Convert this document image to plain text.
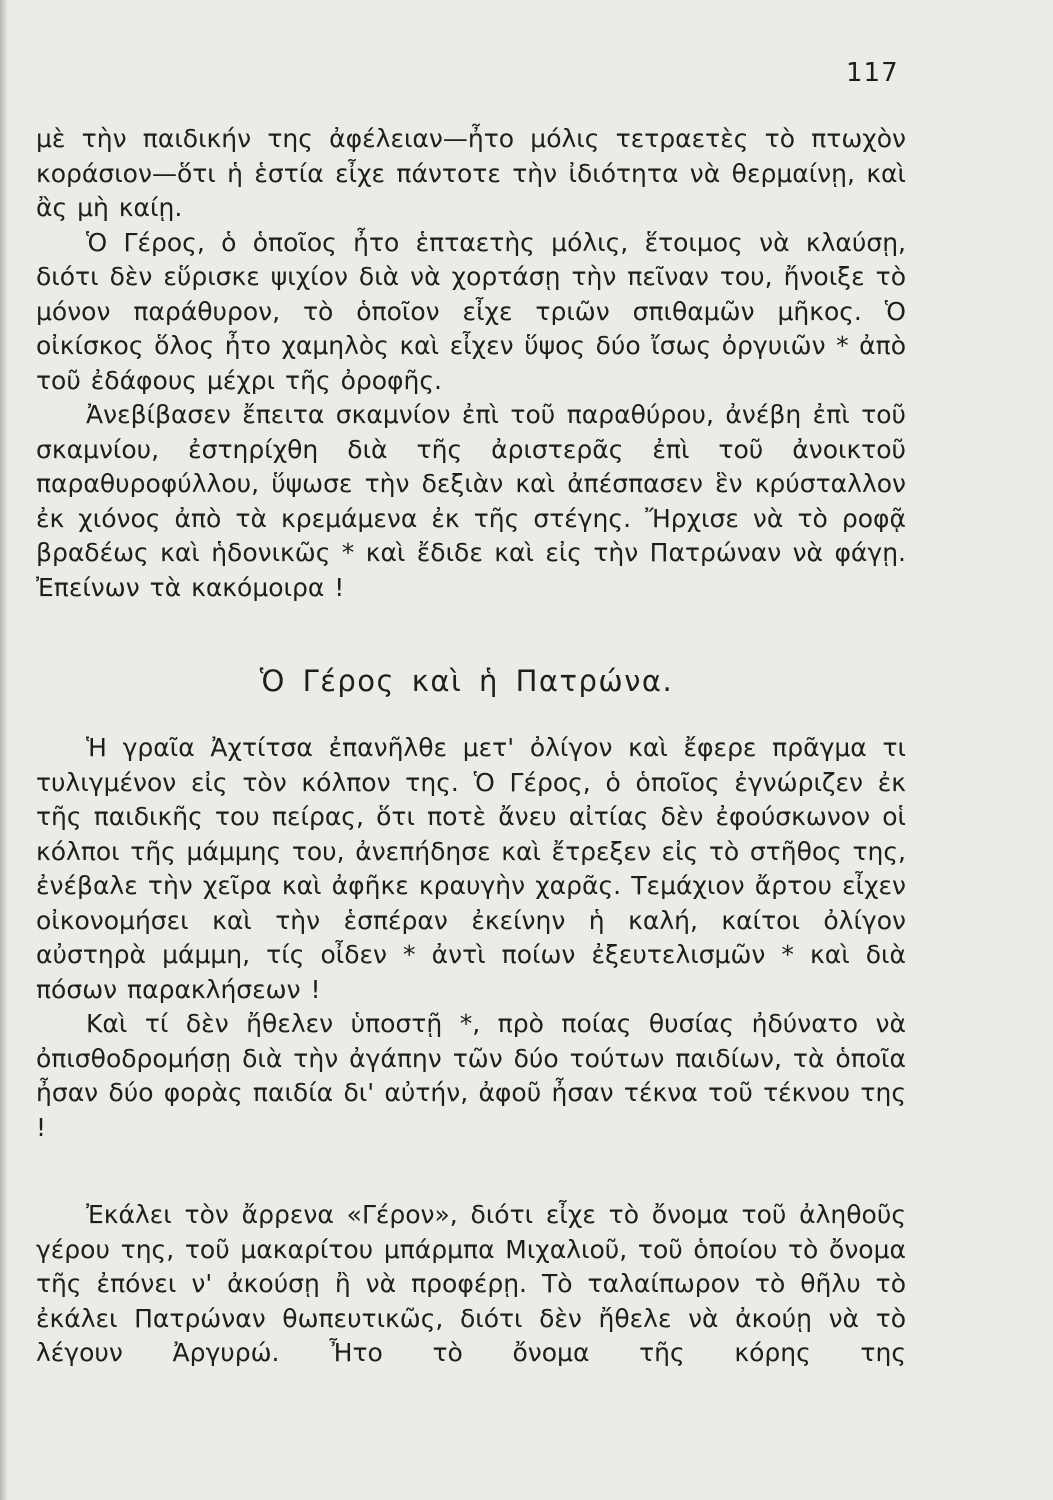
117

μὲ τὴν παιδικήν της ἀφέλειαν—ἦτο μόλις τετραετὲς τὸ πτωχὸν κοράσιον—ὅτι ἡ ἑστία εἶχε πάντοτε τὴν ἰδιότητα νὰ θερμαίνῃ, καὶ ἂς μὴ καίῃ.

Ὁ Γέρος, ὁ ὁποῖος ἦτο ἑπταετὴς μόλις, ἕτοιμος νὰ κλαύσῃ, διότι δὲν εὕρισκε ψιχίον διὰ νὰ χορτάσῃ τὴν πεῖναν του, ἤνοιξε τὸ μόνον παράθυρον, τὸ ὁποῖον εἶχε τριῶν σπιθαμῶν μῆκος. Ὁ οἰκίσκος ὅλος ἦτο χαμηλὸς καὶ εἶχεν ὕψος δύο ἴσως ὀργυιῶν * ἀπὸ τοῦ ἐδάφους μέχρι τῆς ὀροφῆς.

Ἀνεβίβασεν ἔπειτα σκαμνίον ἐπὶ τοῦ παραθύρου, ἀνέβη ἐπὶ τοῦ σκαμνίου, ἐστηρίχθη διὰ τῆς ἀριστερᾶς ἐπὶ τοῦ ἀνοικτοῦ παραθυροφύλλου, ὕψωσε τὴν δεξιὰν καὶ ἀπέσπασεν ἓν κρύσταλλον ἐκ χιόνος ἀπὸ τὰ κρεμάμενα ἐκ τῆς στέγης. Ἤρχισε νὰ τὸ ροφᾷ βραδέως καὶ ἡδονικῶς * καὶ ἔδιδε καὶ εἰς τὴν Πατρώναν νὰ φάγῃ. Ἐπείνων τὰ κακόμοιρα !

Ὁ Γέρος καὶ ἡ Πατρώνα.

Ἡ γραῖα Ἀχτίτσα ἐπανῆλθε μετ' ὀλίγον καὶ ἔφερε πρᾶγμα τι τυλιγμένον εἰς τὸν κόλπον της. Ὁ Γέρος, ὁ ὁποῖος ἐγνώριζεν ἐκ τῆς παιδικῆς του πείρας, ὅτι ποτὲ ἄνευ αἰτίας δὲν ἐφούσκωνον οἱ κόλποι τῆς μάμμης του, ἀνεπήδησε καὶ ἔτρεξεν εἰς τὸ στῆθος της, ἐνέβαλε τὴν χεῖρα καὶ ἀφῆκε κραυγὴν χαρᾶς. Τεμάχιον ἄρτου εἶχεν οἰκονομήσει καὶ τὴν ἑσπέραν ἐκείνην ἡ καλή, καίτοι ὀλίγον αὐστηρὰ μάμμη, τίς οἶδεν * ἀντὶ ποίων ἐξευτελισμῶν * καὶ διὰ πόσων παρακλήσεων !

Καὶ τί δὲν ἤθελεν ὑποστῇ *, πρὸ ποίας θυσίας ἠδύνατο νὰ ὀπισθοδρομήσῃ διὰ τὴν ἀγάπην τῶν δύο τούτων παιδίων, τὰ ὁποῖα ἦσαν δύο φορὰς παιδία δι' αὐτήν, ἀφοῦ ἦσαν τέκνα τοῦ τέκνου της !

Ἐκάλει τὸν ἄρρενα «Γέρον», διότι εἶχε τὸ ὄνομα τοῦ ἀληθοῦς γέρου της, τοῦ μακαρίτου μπάρμπα Μιχαλιοῦ, τοῦ ὁποίου τὸ ὄνομα τῆς ἐπόνει ν' ἀκούσῃ ἢ νὰ προφέρῃ. Τὸ ταλαίπωρον τὸ θῆλυ τὸ ἐκάλει Πατρώναν θωπευτικῶς, διότι δὲν ἤθελε νὰ ἀκούῃ νὰ τὸ λέγουν Ἀργυρώ. Ἦτο τὸ ὄνομα τῆς κόρης της
